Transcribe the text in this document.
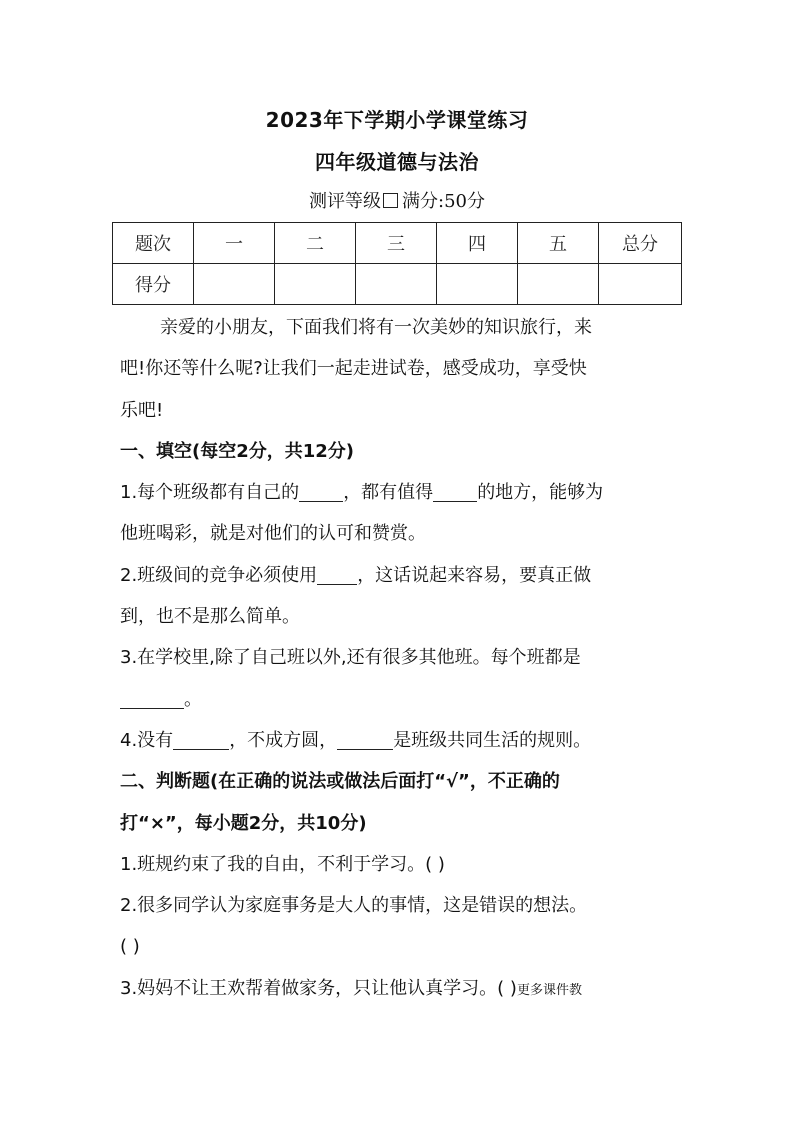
2023年下学期小学课堂练习
四年级道德与法治
测评等级 满分:50分
题次	一	二	三	四	五	总分
得分						
亲爱的小朋友，下面我们将有一次美妙的知识旅行，来
吧!你还等什么呢?让我们一起走进试卷，感受成功，享受快
乐吧!
一、填空(每空2分，共12分)
1.每个班级都有自己的 ，都有值得 的地方，能够为
他班喝彩，就是对他们的认可和赞赏。
2.班级间的竞争必须使用 ，这话说起来容易，要真正做
到，也不是那么简单。
3.在学校里,除了自己班以外,还有很多其他班。每个班都是
。
4.没有	，不成方圆，	是班级共同生活的规则。
二、判断题(在正确的说法或做法后面打“√”，不正确的
打“×”，每小题2分，共10分)
1.班规约束了我的自由，不利于学习。( )
2.很多同学认为家庭事务是大人的事情，这是错误的想法。
( )
3.妈妈不让王欢帮着做家务，只让他认真学习。( )更多课件教
